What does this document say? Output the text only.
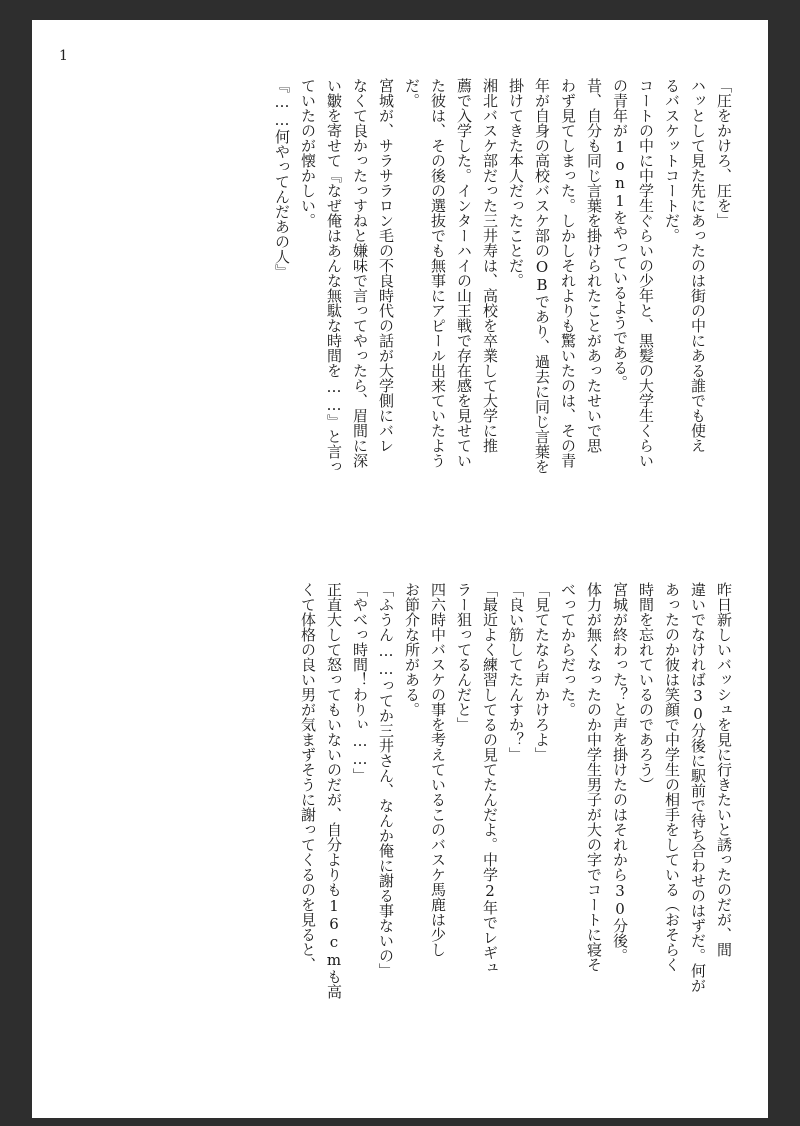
1
「圧をかけろ、圧を」
ハッとして見た先にあったのは街の中にある誰でも使え
るバスケットコートだ。
コートの中に中学生ぐらいの少年と、黒髪の大学生くらい
の青年が1on1をやっているようである。
昔、自分も同じ言葉を掛けられたことがあったせいで思
わず見てしまった。しかしそれよりも驚いたのは、その青
年が自身の高校バスケ部のOBであり、過去に同じ言葉を
掛けてきた本人だったことだ。
湘北バスケ部だった三井寿は、高校を卒業して大学に推
薦で入学した。インターハイの山王戦で存在感を見せてい
た彼は、その後の選抜でも無事にアピール出来ていたよう
だ。
宮城が、サラサラロン毛の不良時代の話が大学側にバレ
なくて良かったっすねと嫌味で言ってやったら、眉間に深
い皺を寄せて『なぜ俺はあんな無駄な時間を……』と言っ
ていたのが懐かしい。
『……何やってんだあの人』
昨日新しいバッシュを見に行きたいと誘ったのだが、間
違いでなければ30分後に駅前で待ち合わせのはずだ。何が
あったのか彼は笑顔で中学生の相手をしている（おそらく
時間を忘れているのであろう）
宮城が終わった？と声を掛けたのはそれから30分後。
体力が無くなったのか中学生男子が大の字でコートに寝そ
べってからだった。
「見てたなら声かけろよ」
「良い筋してたんすか？」
「最近よく練習してるの見てたんだよ。中学2年でレギュ
ラー狙ってるんだと」
四六時中バスケの事を考えているこのバスケ馬鹿は少し
お節介な所がある。
「ふうん……ってか三井さん、なんか俺に謝る事ないの」
「やべっ時間！わりぃ……」
正直大して怒ってもいないのだが、自分よりも16cmも高
くて体格の良い男が気まずそうに謝ってくるのを見ると、
